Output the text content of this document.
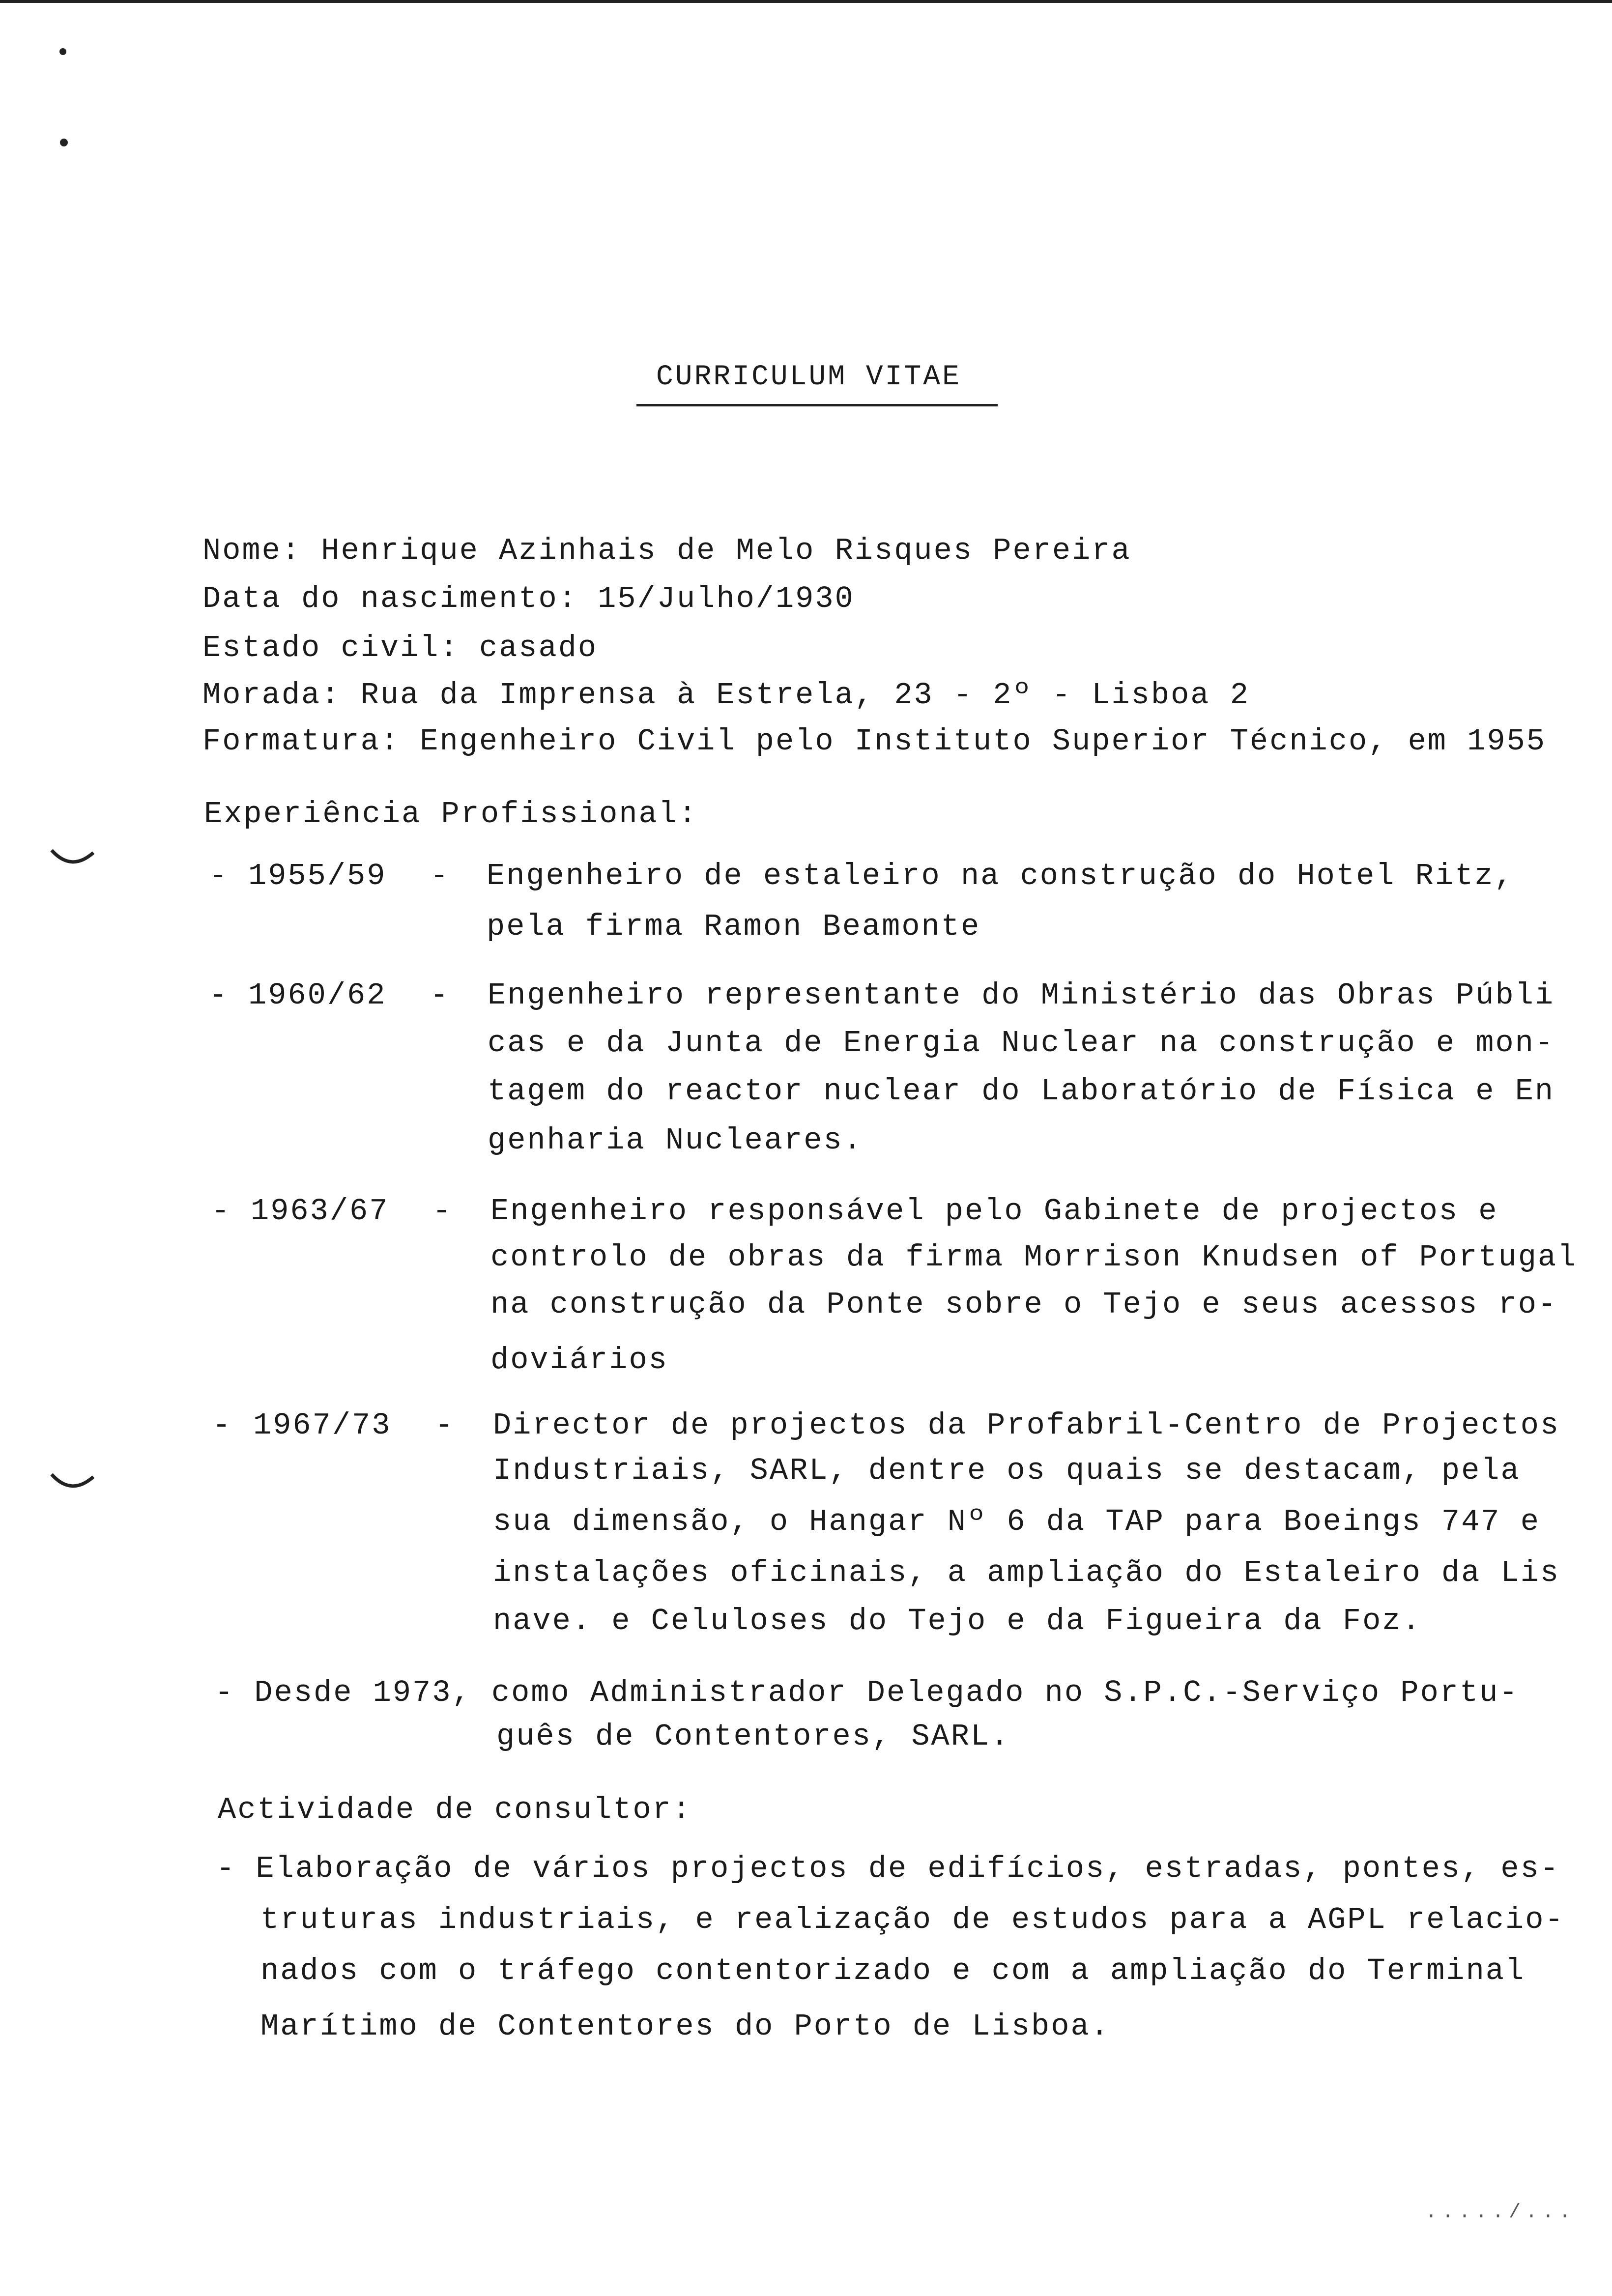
CURRICULUM VITAE
Nome: Henrique Azinhais de Melo Risques Pereira
Data do nascimento: 15/Julho/1930
Estado civil: casado
Morada: Rua da Imprensa à Estrela, 23 - 2º - Lisboa 2
Formatura: Engenheiro Civil pelo Instituto Superior Técnico, em 1955
Experiência Profissional:
- 1955/59 - Engenheiro de estaleiro na construção do Hotel Ritz,
pela firma Ramon Beamonte
- 1960/62 - Engenheiro representante do Ministério das Obras Públi
cas e da Junta de Energia Nuclear na construção e mon-
tagem do reactor nuclear do Laboratório de Física e En
genharia Nucleares.
- 1963/67 - Engenheiro responsável pelo Gabinete de projectos e
controlo de obras da firma Morrison Knudsen of Portugal
na construção da Ponte sobre o Tejo e seus acessos ro-
doviários
- 1967/73 - Director de projectos da Profabril-Centro de Projectos
Industriais, SARL, dentre os quais se destacam, pela
sua dimensão, o Hangar Nº 6 da TAP para Boeings 747 e
instalações oficinais, a ampliação do Estaleiro da Lis
nave. e Celuloses do Tejo e da Figueira da Foz.
- Desde 1973, como Administrador Delegado no S.P.C.-Serviço Portu-
guês de Contentores, SARL.
Actividade de consultor:
- Elaboração de vários projectos de edifícios, estradas, pontes, es-
truturas industriais, e realização de estudos para a AGPL relacio-
nados com o tráfego contentorizado e com a ampliação do Terminal
Marítimo de Contentores do Porto de Lisboa.
...../...
